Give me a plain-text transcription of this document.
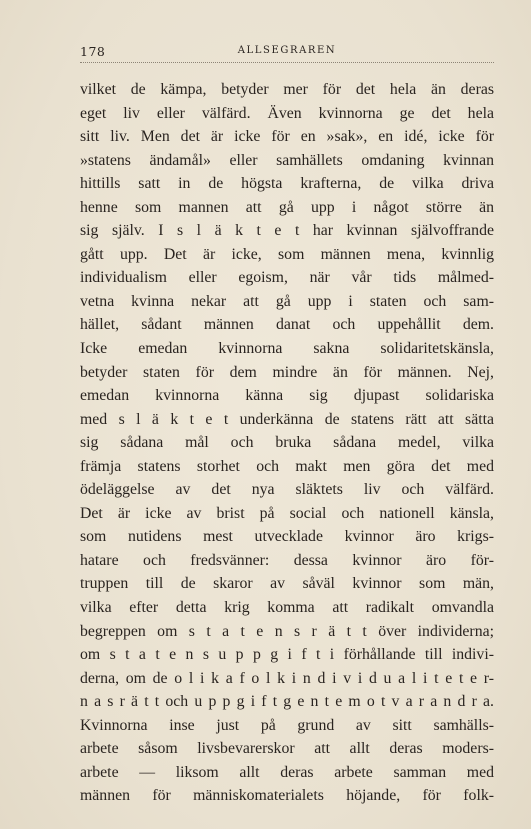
178	ALLSEGRAREN
vilket de kämpa, betyder mer för det hela än deras
eget liv eller välfärd. Även kvinnorna ge det hela
sitt liv. Men det är icke för en »sak», en idé, icke för
»statens ändamål» eller samhällets omdaning kvinnan
hittills satt in de högsta krafterna, de vilka driva
henne som mannen att gå upp i något större än
sig själv. I s l ä k t e t har kvinnan självoffrande
gått upp. Det är icke, som männen mena, kvinnlig
individualism eller egoism, när vår tids målmed-
vetna kvinna nekar att gå upp i staten och sam-
hället, sådant männen danat och uppehållit dem.
Icke emedan kvinnorna sakna solidaritetskänsla,
betyder staten för dem mindre än för männen. Nej,
emedan kvinnorna känna sig djupast solidariska
med s l ä k t e t underkänna de statens rätt att sätta
sig sådana mål och bruka sådana medel, vilka
främja statens storhet och makt men göra det med
ödeläggelse av det nya släktets liv och välfärd.
Det är icke av brist på social och nationell känsla,
som nutidens mest utvecklade kvinnor äro krigs-
hatare och fredsvänner: dessa kvinnor äro för-
truppen till de skaror av såväl kvinnor som män,
vilka efter detta krig komma att radikalt omvandla
begreppen om s t a t e n s r ä t t över individerna;
om s t a t e n s u p p g i f t i förhållande till indivi-
derna, om de o l i k a f o l k i n d i v i d u a l i t e t e r-
n a s r ä t t och u p p g i f t g e n t e m o t v a r a n d r a.
Kvinnorna inse just på grund av sitt samhälls-
arbete såsom livsbevarerskor att allt deras moders-
arbete — liksom allt deras arbete samman med
männen för människomaterialets höjande, för folk-
